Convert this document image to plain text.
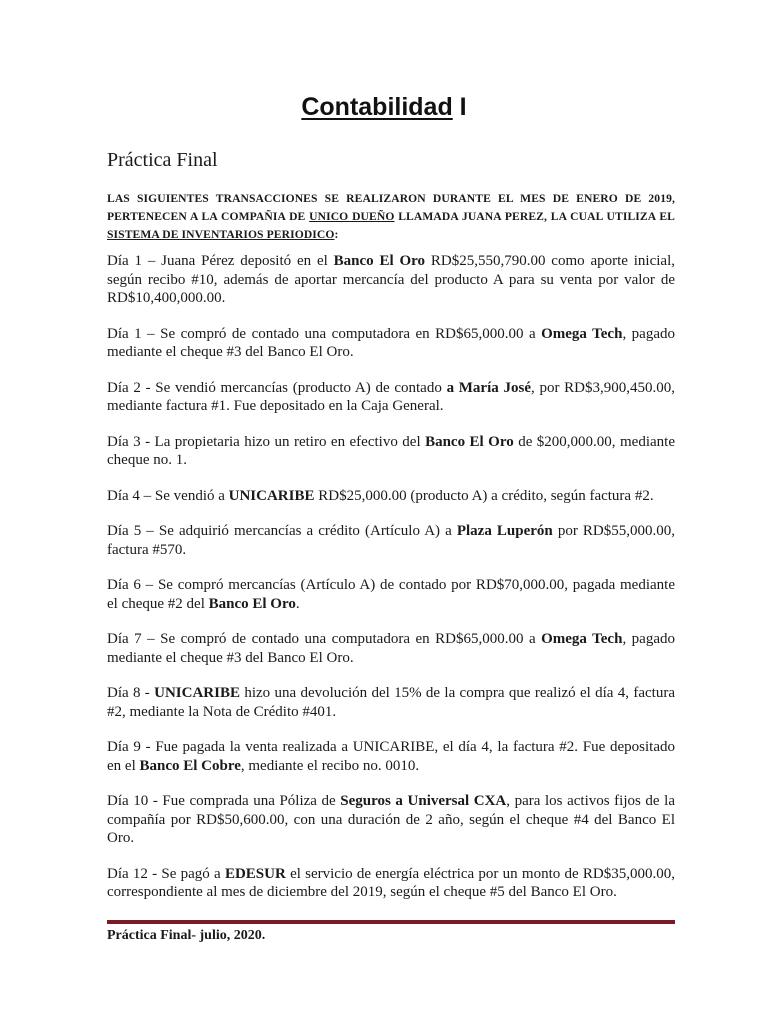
Contabilidad I
Práctica Final
LAS SIGUIENTES TRANSACCIONES SE REALIZARON DURANTE EL MES DE ENERO DE 2019, PERTENECEN A LA COMPAÑIA DE UNICO DUEÑO LLAMADA JUANA PEREZ, LA CUAL UTILIZA EL SISTEMA DE INVENTARIOS PERIODICO:

Día 1 – Juana Pérez depositó en el Banco El Oro RD$25,550,790.00 como aporte inicial, según recibo #10, además de aportar mercancía del producto A para su venta por valor de RD$10,400,000.00.

Día 1 – Se compró de contado una computadora en RD$65,000.00 a Omega Tech, pagado mediante el cheque #3 del Banco El Oro.

Día 2 - Se vendió mercancías (producto A) de contado a María José, por RD$3,900,450.00, mediante factura #1. Fue depositado en la Caja General.

Día 3 - La propietaria hizo un retiro en efectivo del Banco El Oro de $200,000.00, mediante cheque no. 1.

Día 4 – Se vendió a UNICARIBE RD$25,000.00 (producto A) a crédito, según factura #2.

Día 5 – Se adquirió mercancías a crédito (Artículo A) a Plaza Luperón por RD$55,000.00, factura #570.

Día 6 – Se compró mercancías (Artículo A) de contado por RD$70,000.00, pagada mediante el cheque #2 del Banco El Oro.

Día 7 – Se compró de contado una computadora en RD$65,000.00 a Omega Tech, pagado mediante el cheque #3 del Banco El Oro.

Día 8 - UNICARIBE hizo una devolución del 15% de la compra que realizó el día 4, factura #2, mediante la Nota de Crédito #401.

Día 9 - Fue pagada la venta realizada a UNICARIBE, el día 4, la factura #2. Fue depositado en el Banco El Cobre, mediante el recibo no. 0010.

Día 10 - Fue comprada una Póliza de Seguros a Universal CXA, para los activos fijos de la compañía por RD$50,600.00, con una duración de 2 año, según el cheque #4 del Banco El Oro.

Día 12 - Se pagó a EDESUR el servicio de energía eléctrica por un monto de RD$35,000.00, correspondiente al mes de diciembre del 2019, según el cheque #5 del Banco El Oro.

Práctica Final- julio, 2020.
